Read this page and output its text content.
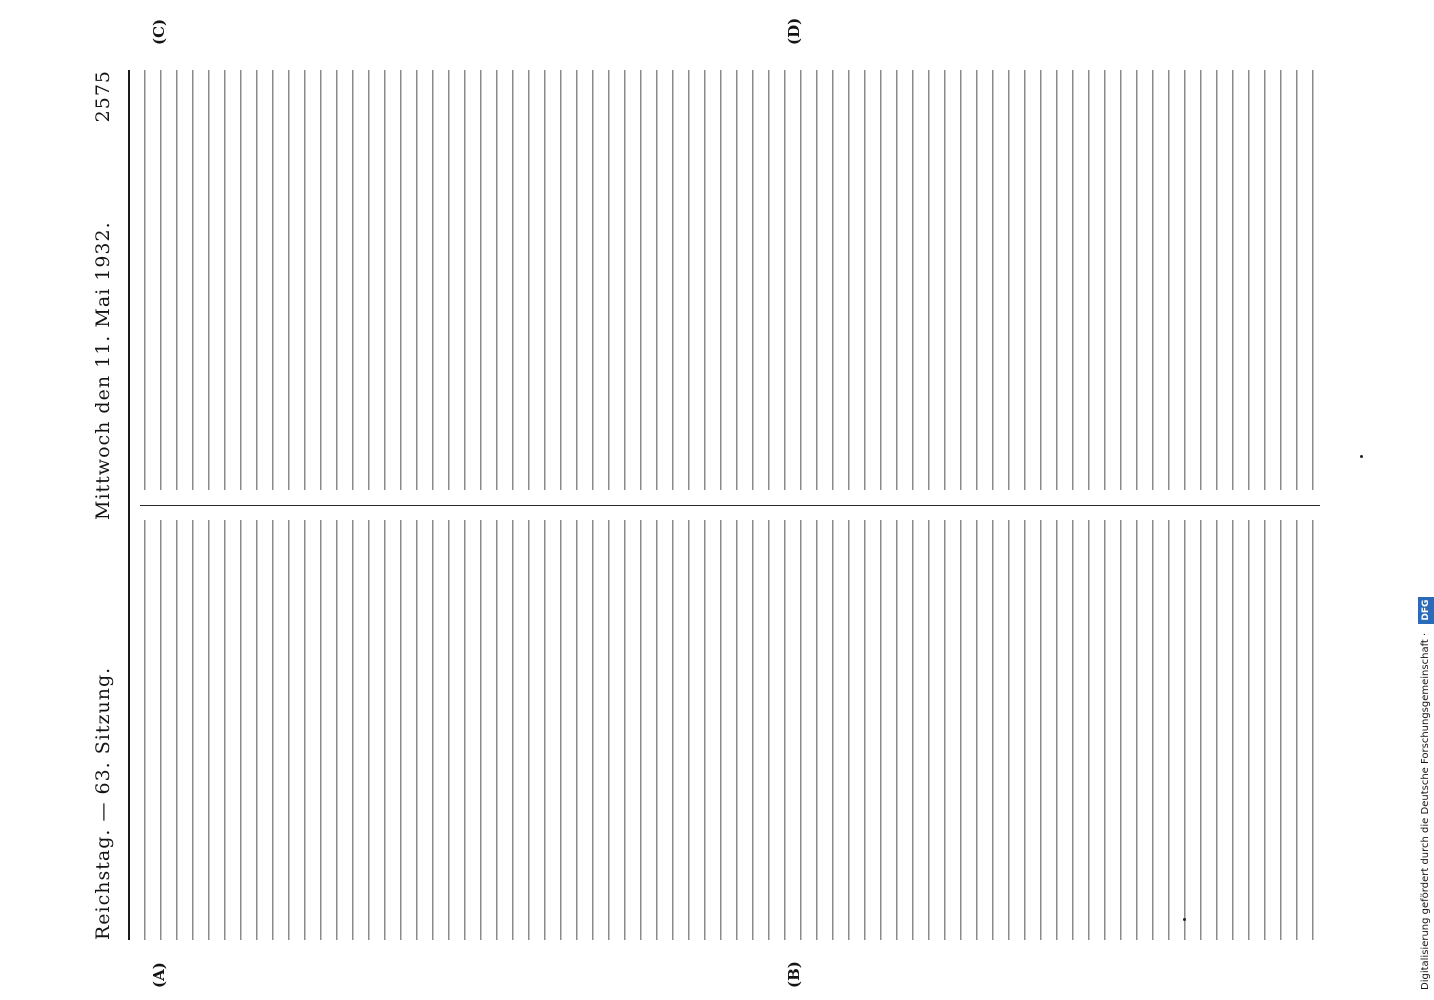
Reichstag. — 63. Sitzung.
Mittwoch den 11. Mai 1932.
2575
(A)	(B)
(C)	(D)

Digitalisierung gefördert durch die Deutsche Forschungsgemeinschaft · DFG
